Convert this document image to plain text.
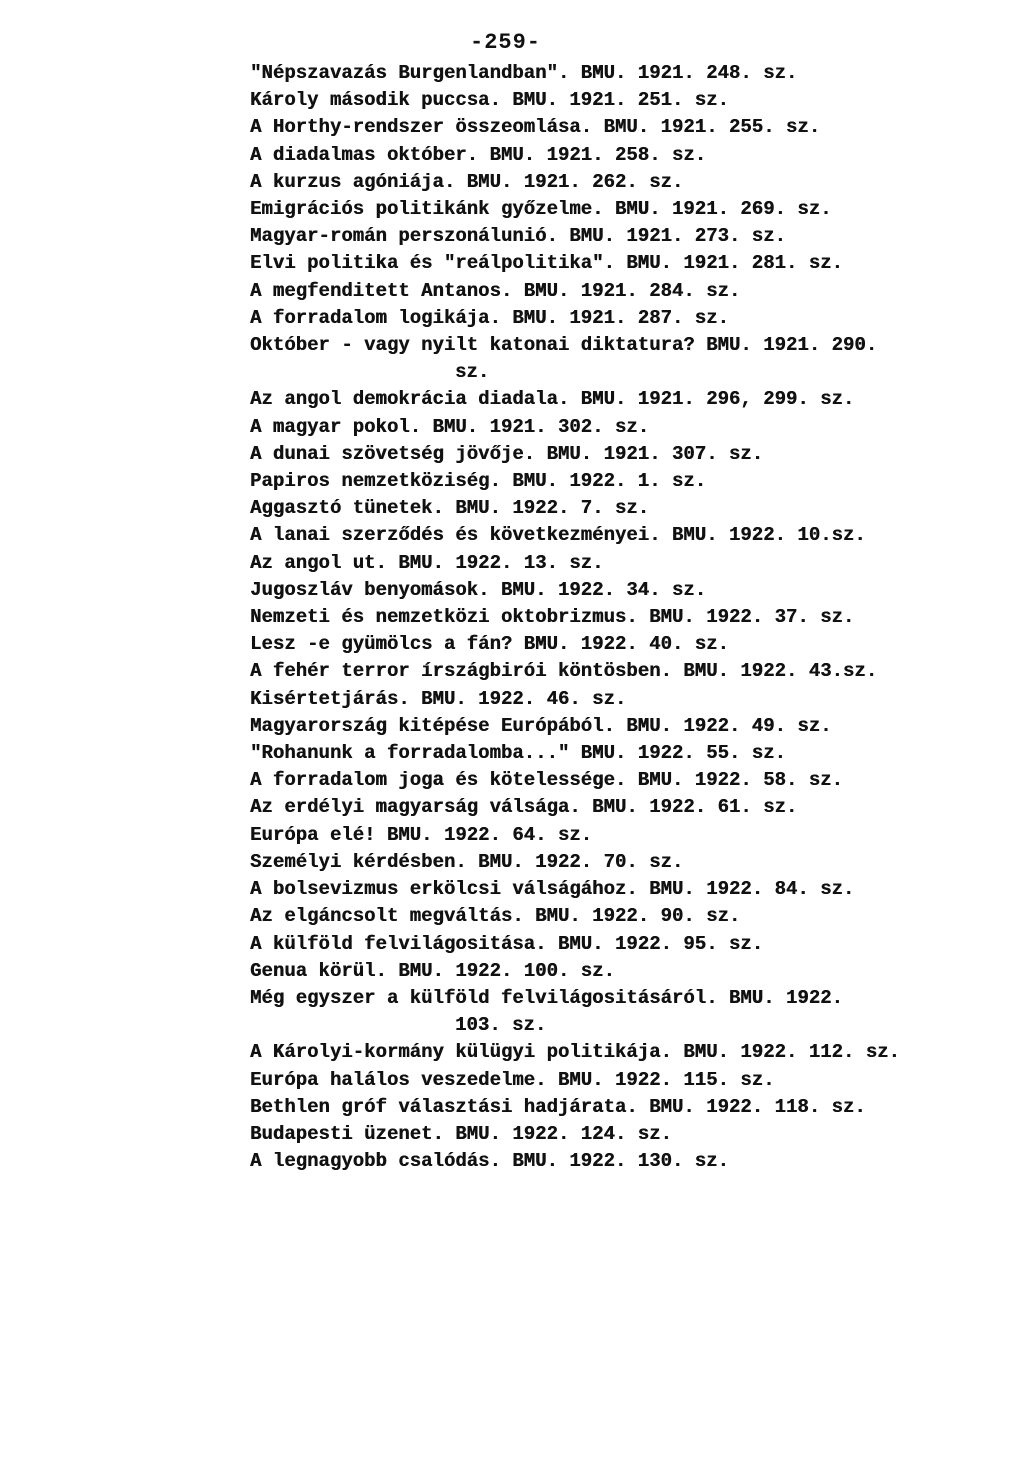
-259-
"Népszavazás Burgenlandban". BMU. 1921. 248. sz.
Károly második puccsa. BMU. 1921. 251. sz.
A Horthy-rendszer összeomlása. BMU. 1921. 255. sz.
A diadalmas október. BMU. 1921. 258. sz.
A kurzus agóniája. BMU. 1921. 262. sz.
Emigrációs politikánk győzelme. BMU. 1921. 269. sz.
Magyar-román perszonálunió. BMU. 1921. 273. sz.
Elvi politika és "reálpolitika". BMU. 1921. 281. sz.
A megfenditett Antanos. BMU. 1921. 284. sz.
A forradalom logikája. BMU. 1921. 287. sz.
Október - vagy nyilt katonai diktatura? BMU. 1921. 290.
sz.
Az angol demokrácia diadala. BMU. 1921. 296, 299. sz.
A magyar pokol. BMU. 1921. 302. sz.
A dunai szövetség jövője. BMU. 1921. 307. sz.
Papiros nemzetköziség. BMU. 1922. 1. sz.
Aggasztó tünetek. BMU. 1922. 7. sz.
A lanai szerződés és következményei. BMU. 1922. 10.sz.
Az angol ut. BMU. 1922. 13. sz.
Jugoszláv benyomások. BMU. 1922. 34. sz.
Nemzeti és nemzetközi oktobrizmus. BMU. 1922. 37. sz.
Lesz -e gyümölcs a fán? BMU. 1922. 40. sz.
A fehér terror írszágbirói köntösben. BMU. 1922. 43.sz.
Kisértetjárás. BMU. 1922. 46. sz.
Magyarország kitépése Európából. BMU. 1922. 49. sz.
"Rohanunk a forradalomba..." BMU. 1922. 55. sz.
A forradalom joga és kötelessége. BMU. 1922. 58. sz.
Az erdélyi magyarság válsága. BMU. 1922. 61. sz.
Európa elé! BMU. 1922. 64. sz.
Személyi kérdésben. BMU. 1922. 70. sz.
A bolsevizmus erkölcsi válságához. BMU. 1922. 84. sz.
Az elgáncsolt megváltás. BMU. 1922. 90. sz.
A külföld felvilágositása. BMU. 1922. 95. sz.
Genua körül. BMU. 1922. 100. sz.
Még egyszer a külföld felvilágositásáról. BMU. 1922.
103. sz.
A Károlyi-kormány külügyi politikája. BMU. 1922. 112. sz.
Európa halálos veszedelme. BMU. 1922. 115. sz.
Bethlen gróf választási hadjárata. BMU. 1922. 118. sz.
Budapesti üzenet. BMU. 1922. 124. sz.
A legnagyobb csalódás. BMU. 1922. 130. sz.
